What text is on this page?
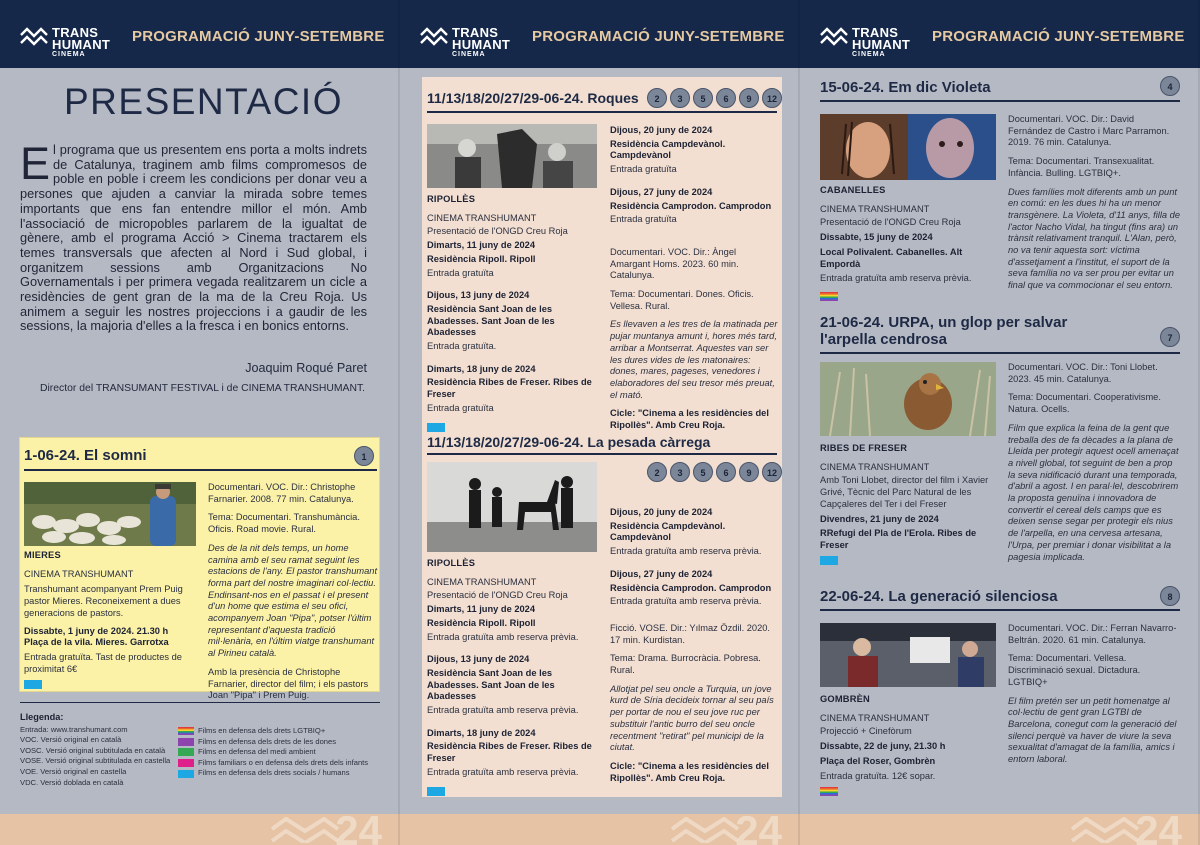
TRANS
HUMANT
CINEMA
PROGRAMACIÓ JUNY-SETEMBRE
PRESENTACIÓ
El programa que us presentem ens porta a molts indrets de Catalunya, traginem amb films compromesos de poble en poble i creem les condicions per donar veu a persones que ajuden a canviar la mirada sobre temes importants que ens fan entendre millor el món. Amb l'associació de micropobles parlarem de la igualtat de gènere, amb el programa Acció > Cinema tractarem els temes transversals que afecten al Nord i Sud global, i organitzem sessions amb Organitzacions No Governamentals i per primera vegada realitzarem un cicle a residències de gent gran de la ma de la Creu Roja. Us animem a seguir les nostres projeccions i a gaudir de les sessions, la majoria d'elles a la fresca i en bonics entorns.
Joaquim Roqué Paret
Director del TRANSUMANT FESTIVAL i de CINEMA TRANSHUMANT.
1-06-24. El somni	1
MIERES
CINEMA TRANSHUMANT
Transhumant acompanyant Prem Puig pastor Mieres. Reconeixement a dues generacions de pastors.
Dissabte, 1 juny de 2024. 21.30 h
Plaça de la vila. Mieres. Garrotxa
Entrada gratuïta. Tast de productes de proximitat 6€

Documentari. VOC. Dir.: Christophe Farnarier. 2008. 77 min. Catalunya.

Tema: Documentari. Transhumància. Oficis. Road movie. Rural.

Des de la nit dels temps, un home camina amb el seu ramat seguint les estacions de l'any. El pastor transhumant forma part del nostre imaginari col·lectiu. Endinsant-nos en el passat i el present d'un home que estima el seu ofici, acompanyem Joan "Pipa", potser l'últim representant d'aquesta tradició mil·lenària, en l'últim viatge transhumant al Pirineu català.

Amb la presència de Christophe Farnarier, director del film; i els pastors Joan "Pipa" i Prem Puig.

Llegenda:
Entrada: www.transhumant.com
VOC. Versió original en català
VOSC. Versió original subtitulada en català
VOSE. Versió original subtitulada en castella
VOE. Versió original en castella
VDC. Versió doblada en català
Films en defensa dels drets LGTBIQ+
Films en defensa dels drets de les dones
Films en defensa del medi ambient
Films familiars o en defensa dels drets dels infants
Films en defensa dels drets socials / humans
24
TRANS
HUMANT
CINEMA
PROGRAMACIÓ JUNY-SETEMBRE
11/13/18/20/27/29-06-24. Roques	2	3	5	6	9	12
RIPOLLÈS
CINEMA TRANSHUMANT
Presentació de l'ONGD Creu Roja
Dimarts, 11 juny de 2024
Residència Ripoll. Ripoll
Entrada gratuïta
Dijous, 13 juny de 2024
Residència Sant Joan de les Abadesses. Sant Joan de les Abadesses
Entrada gratuïta.
Dimarts, 18 juny de 2024
Residència Ribes de Freser. Ribes de Freser
Entrada gratuïta
Dijous, 20 juny de 2024
Residència Campdevànol. Campdevànol
Entrada gratuïta
Dijous, 27 juny de 2024
Residència Camprodon. Camprodon
Entrada gratuïta

Documentari. VOC. Dir.: Àngel Amargant Homs. 2023. 60 min. Catalunya.

Tema: Documentari. Dones. Oficis. Vellesa. Rural.

Es llevaven a les tres de la matinada per pujar muntanya amunt i, hores més tard, arribar a Montserrat. Aquestes van ser les dures vides de les matonaires: dones, mares, pageses, venedores i elaboradores del seu tresor més preuat, el mató.

Cicle: "Cinema a les residències del Ripollès". Amb Creu Roja.

11/13/18/20/27/29-06-24. La pesada càrrega
2	3	5	6	9	12
RIPOLLÈS
CINEMA TRANSHUMANT
Presentació de l'ONGD Creu Roja
Dimarts, 11 juny de 2024
Residència Ripoll. Ripoll
Entrada gratuïta amb reserva prèvia.
Dijous, 13 juny de 2024
Residència Sant Joan de les Abadesses. Sant Joan de les Abadesses
Entrada gratuïta amb reserva prèvia.
Dimarts, 18 juny de 2024
Residència Ribes de Freser. Ribes de Freser
Entrada gratuïta amb reserva prèvia.
Dijous, 20 juny de 2024
Residència Campdevànol. Campdevànol
Entrada gratuïta amb reserva prèvia.
Dijous, 27 juny de 2024
Residència Camprodon. Camprodon
Entrada gratuïta amb reserva prèvia.

Ficció. VOSE. Dir.: Yılmaz Özdil. 2020. 17 min. Kurdistan.

Tema: Drama. Burrocràcia. Pobresa. Rural.

Allotjat pel seu oncle a Turquia, un jove kurd de Síria decideix tornar al seu país per portar de nou el seu jove ruc per substituir l'antic burro del seu oncle recentment "retirat" pel municipi de la ciutat.

Cicle: "Cinema a les residències del Ripollès". Amb Creu Roja.

24
TRANS
HUMANT
CINEMA
PROGRAMACIÓ JUNY-SETEMBRE
15-06-24. Em dic Violeta	4
CABANELLES
CINEMA TRANSHUMANT
Presentació de l'ONGD Creu Roja
Dissabte, 15 juny de 2024
Local Polivalent. Cabanelles. Alt Empordà
Entrada gratuïta amb reserva prèvia.

Documentari. VOC. Dir.: David Fernández de Castro i Marc Parramon. 2019. 76 min. Catalunya.

Tema: Documentari. Transexualitat. Infància. Bulling. LGTBIQ+.

Dues famílies molt diferents amb un punt en comú: en les dues hi ha un menor transgènere. La Violeta, d'11 anys, filla de l'actor Nacho Vidal, ha tingut (fins ara) un trànsit relativament tranquil. L'Alan, però, no va tenir aquesta sort: víctima d'assetjament a l'institut, el suport de la seva família no va ser prou per evitar un final que va commocionar el seu entorn.

21-06-24. URPA, un glop per salvar
l'arpella cendrosa	7
RIBES DE FRESER
CINEMA TRANSHUMANT
Amb Toni Llobet, director del film i Xavier Grivé, Tècnic del Parc Natural de les Capçaleres del Ter i del Freser
Divendres, 21 juny de 2024
RRefugi del Pla de l'Erola. Ribes de Freser

Documentari. VOC. Dir.: Toni Llobet. 2023. 45 min. Catalunya.

Tema: Documentari. Cooperativisme. Natura. Ocells.

Film que explica la feina de la gent que treballa des de fa dècades a la plana de Lleida per protegir aquest ocell amenaçat a nivell global, tot seguint de ben a prop la seva nidificació durant una temporada, d'abril a agost. I en paral·lel, descobrirem la proposta genuïna i innovadora de convertir el cereal dels camps que es deixen sense segar per protegir els nius de l'arpella, en una cervesa artesana, l'Urpa, per premiar i donar visibilitat a la pagesia implicada.

22-06-24. La generació silenciosa	8
GOMBRÈN
CINEMA TRANSHUMANT
Projecció + Cinefòrum
Dissabte, 22 de juny, 21.30 h
Plaça del Roser, Gombrèn
Entrada gratuïta. 12€ sopar.

Documentari. VOC. Dir.: Ferran Navarro-Beltrán. 2020. 61 min. Catalunya.

Tema: Documentari. Vellesa. Discriminació sexual. Dictadura. LGTBIQ+

El film pretén ser un petit homenatge al col·lectiu de gent gran LGTBI de Barcelona, conegut com la generació del silenci perquè va haver de viure la seva sexualitat d'amagat de la família, amics i entorn laboral.

24
